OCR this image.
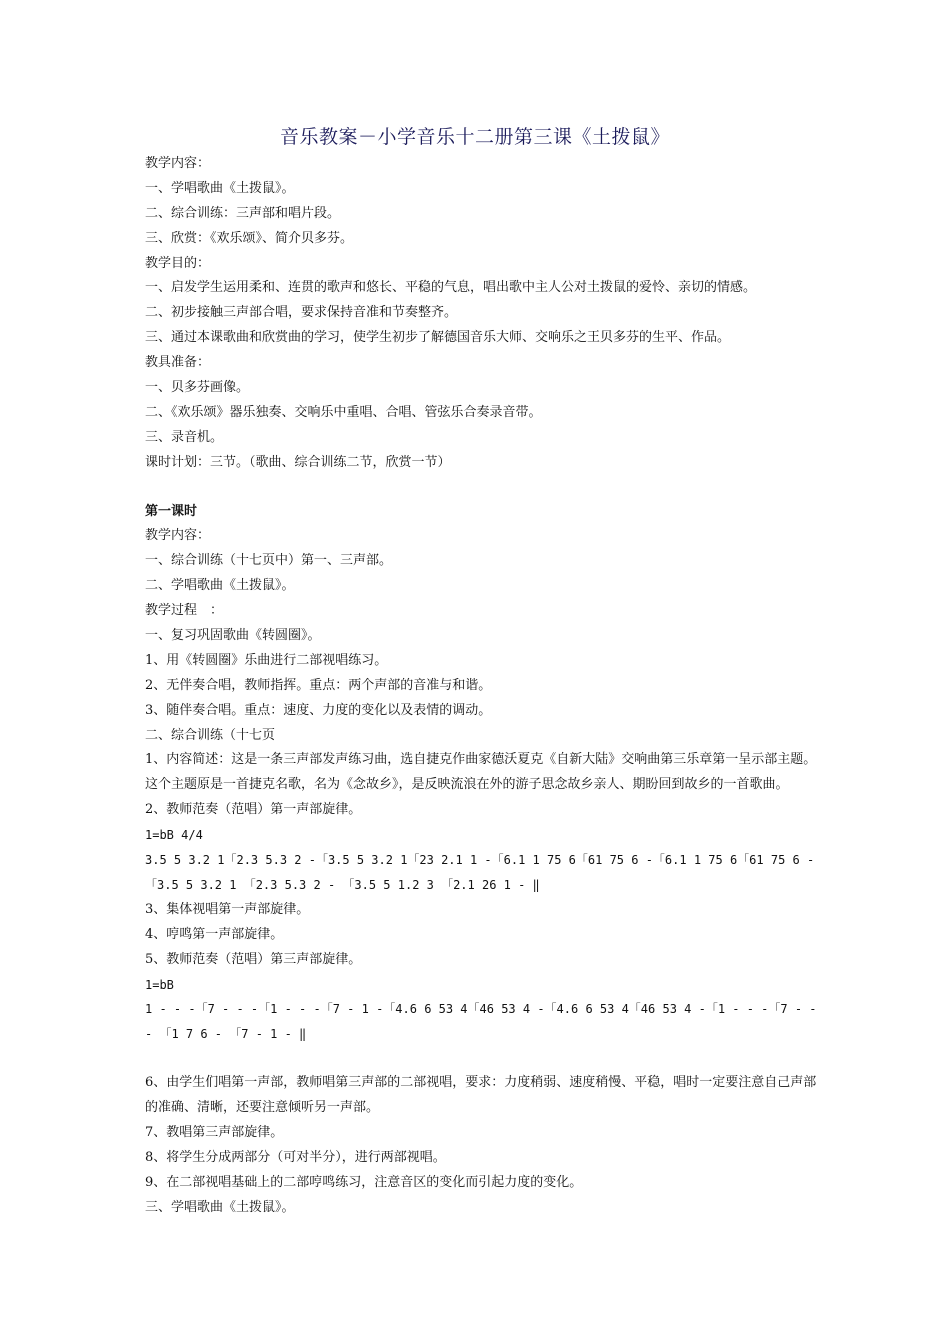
音乐教案－小学音乐十二册第三课《土拨鼠》
教学内容：
一、学唱歌曲《土拨鼠》。
二、综合训练：三声部和唱片段。
三、欣赏：《欢乐颂》、简介贝多芬。
教学目的：
一、启发学生运用柔和、连贯的歌声和悠长、平稳的气息，唱出歌中主人公对土拨鼠的爱怜、亲切的情感。
二、初步接触三声部合唱，要求保持音准和节奏整齐。
三、通过本课歌曲和欣赏曲的学习，使学生初步了解德国音乐大师、交响乐之王贝多芬的生平、作品。
教具准备：
一、贝多芬画像。
二、《欢乐颂》器乐独奏、交响乐中重唱、合唱、管弦乐合奏录音带。
三、录音机。
课时计划：三节。（歌曲、综合训练二节，欣赏一节）
第一课时
教学内容：
一、综合训练（十七页中）第一、三声部。
二、学唱歌曲《土拨鼠》。
教学过程　：
一、复习巩固歌曲《转圆圈》。
1、用《转圆圈》乐曲进行二部视唱练习。
2、无伴奏合唱，教师指挥。重点：两个声部的音准与和谐。
3、随伴奏合唱。重点：速度、力度的变化以及表情的调动。
二、综合训练（十七页
1、内容简述：这是一条三声部发声练习曲，选自捷克作曲家德沃夏克《自新大陆》交响曲第三乐章第一呈示部主题。
这个主题原是一首捷克名歌，名为《念故乡》，是反映流浪在外的游子思念故乡亲人、期盼回到故乡的一首歌曲。
2、教师范奏（范唱）第一声部旋律。
1=bB 4/4
3.5 5 3.2 1「2.3 5.3 2 -「3.5 5 3.2 1「23 2.1 1 -「6.1 1 75 6「61 75 6 -「6.1 1 75 6「61 75 6 -
「3.5 5 3.2 1 「2.3 5.3 2 - 「3.5 5 1.2 3 「2.1 26 1 - ‖
3、集体视唱第一声部旋律。
4、哼鸣第一声部旋律。
5、教师范奏（范唱）第三声部旋律。
1=bB
1 - - -「7 - - -「1 - - -「7 - 1 -「4.6 6 53 4「46 53 4 -「4.6 6 53 4「46 53 4 -「1 - - -「7 - -
- 「1 7 6 - 「7 - 1 - ‖
6、由学生们唱第一声部，教师唱第三声部的二部视唱，要求：力度稍弱、速度稍慢、平稳，唱时一定要注意自己声部
的准确、清晰，还要注意倾听另一声部。
7、教唱第三声部旋律。
8、将学生分成两部分（可对半分），进行两部视唱。
9、在二部视唱基础上的二部哼鸣练习，注意音区的变化而引起力度的变化。
三、学唱歌曲《土拨鼠》。
